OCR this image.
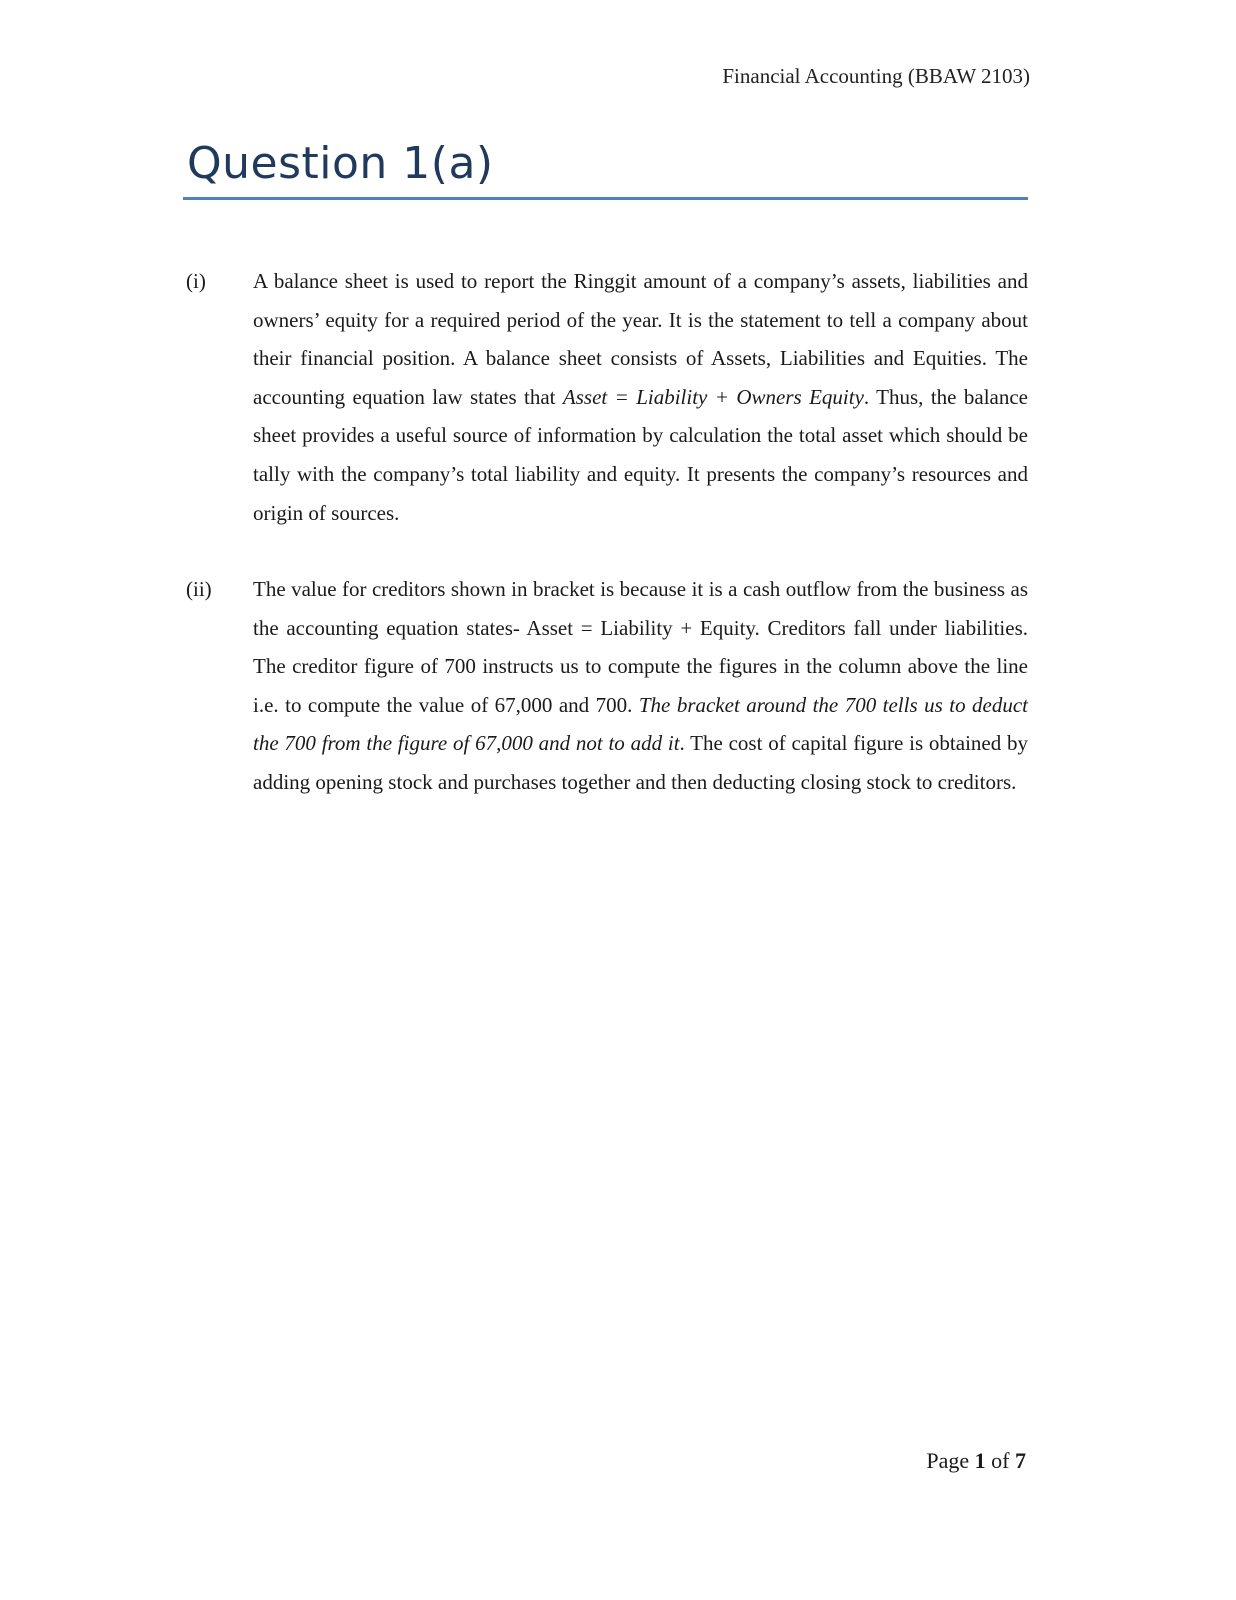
Financial Accounting (BBAW 2103)
Question 1(a)
(i) A balance sheet is used to report the Ringgit amount of a company’s assets, liabilities and owners’ equity for a required period of the year. It is the statement to tell a company about their financial position. A balance sheet consists of Assets, Liabilities and Equities. The accounting equation law states that Asset = Liability + Owners Equity. Thus, the balance sheet provides a useful source of information by calculation the total asset which should be tally with the company’s total liability and equity. It presents the company’s resources and origin of sources.
(ii) The value for creditors shown in bracket is because it is a cash outflow from the business as the accounting equation states- Asset = Liability + Equity. Creditors fall under liabilities. The creditor figure of 700 instructs us to compute the figures in the column above the line i.e. to compute the value of 67,000 and 700. The bracket around the 700 tells us to deduct the 700 from the figure of 67,000 and not to add it. The cost of capital figure is obtained by adding opening stock and purchases together and then deducting closing stock to creditors.
Page 1 of 7
